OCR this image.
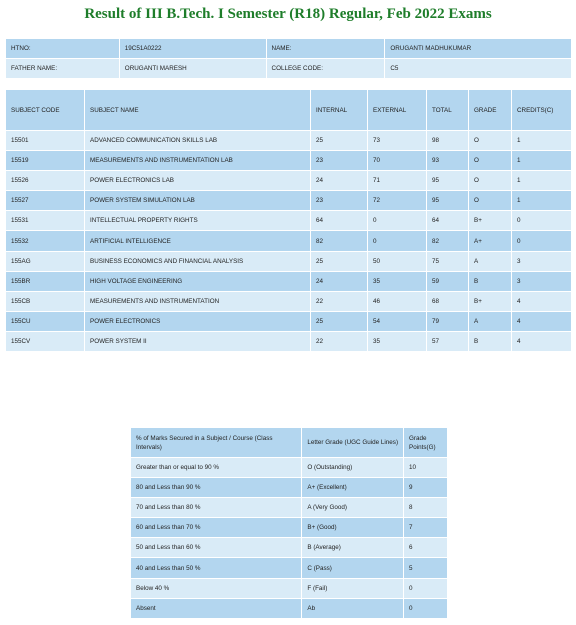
Result of III B.Tech. I Semester (R18) Regular, Feb 2022 Exams
HTNO:	19C51A0222	NAME:	ORUGANTI MADHUKUMAR
FATHER NAME:	ORUGANTI MARESH	COLLEGE CODE:	C5
SUBJECT CODE	SUBJECT NAME	INTERNAL	EXTERNAL	TOTAL	GRADE	CREDITS(C)
15501	ADVANCED COMMUNICATION SKILLS LAB	25	73	98	O	1
15519	MEASUREMENTS AND INSTRUMENTATION LAB	23	70	93	O	1
15526	POWER ELECTRONICS LAB	24	71	95	O	1
15527	POWER SYSTEM SIMULATION LAB	23	72	95	O	1
15531	INTELLECTUAL PROPERTY RIGHTS	64	0	64	B+	0
15532	ARTIFICIAL INTELLIGENCE	82	0	82	A+	0
155AG	BUSINESS ECONOMICS AND FINANCIAL ANALYSIS	25	50	75	A	3
155BR	HIGH VOLTAGE ENGINEERING	24	35	59	B	3
155CB	MEASUREMENTS AND INSTRUMENTATION	22	46	68	B+	4
155CU	POWER ELECTRONICS	25	54	79	A	4
155CV	POWER SYSTEM II	22	35	57	B	4
% of Marks Secured in a Subject / Course (Class Intervals)	Letter Grade (UGC Guide Lines)	Grade Points(G)
Greater than or equal to 90 %	O (Outstanding)	10
80 and Less than 90 %	A+ (Excellent)	9
70 and Less than 80 %	A (Very Good)	8
60 and Less than 70 %	B+ (Good)	7
50 and Less than 60 %	B (Average)	6
40 and Less than 50 %	C (Pass)	5
Below 40 %	F (Fail)	0
Absent	Ab	0
